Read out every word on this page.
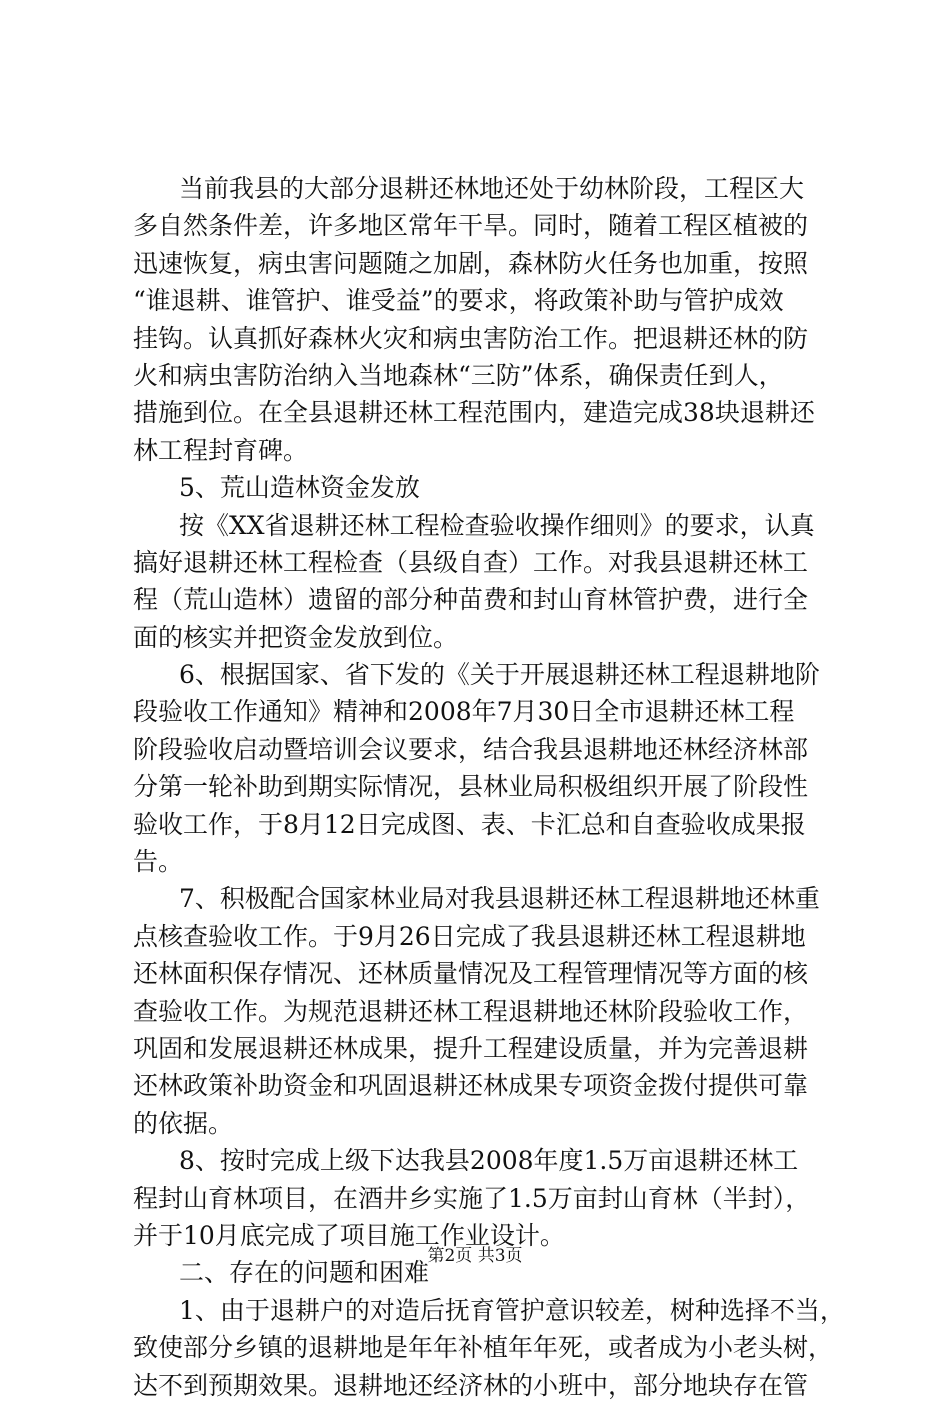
当前我县的大部分退耕还林地还处于幼林阶段，工程区大
多自然条件差，许多地区常年干旱。同时，随着工程区植被的
迅速恢复，病虫害问题随之加剧，森林防火任务也加重，按照
“谁退耕、谁管护、谁受益”的要求，将政策补助与管护成效
挂钩。认真抓好森林火灾和病虫害防治工作。把退耕还林的防
火和病虫害防治纳入当地森林“三防”体系，确保责任到人，
措施到位。在全县退耕还林工程范围内，建造完成38块退耕还
林工程封育碑。
5、荒山造林资金发放
按《XX省退耕还林工程检查验收操作细则》的要求，认真
搞好退耕还林工程检查（县级自查）工作。对我县退耕还林工
程（荒山造林）遗留的部分种苗费和封山育林管护费，进行全
面的核实并把资金发放到位。
6、根据国家、省下发的《关于开展退耕还林工程退耕地阶
段验收工作通知》精神和2008年7月30日全市退耕还林工程
阶段验收启动暨培训会议要求，结合我县退耕地还林经济林部
分第一轮补助到期实际情况，县林业局积极组织开展了阶段性
验收工作，于8月12日完成图、表、卡汇总和自查验收成果报
告。
7、积极配合国家林业局对我县退耕还林工程退耕地还林重
点核查验收工作。于9月26日完成了我县退耕还林工程退耕地
还林面积保存情况、还林质量情况及工程管理情况等方面的核
查验收工作。为规范退耕还林工程退耕地还林阶段验收工作，
巩固和发展退耕还林成果，提升工程建设质量，并为完善退耕
还林政策补助资金和巩固退耕还林成果专项资金拨付提供可靠
的依据。
8、按时完成上级下达我县2008年度1.5万亩退耕还林工
程封山育林项目，在酒井乡实施了1.5万亩封山育林（半封），
并于10月底完成了项目施工作业设计。
二、存在的问题和困难
1、由于退耕户的对造后抚育管护意识较差，树种选择不当，
致使部分乡镇的退耕地是年年补植年年死，或者成为小老头树，
达不到预期效果。退耕地还经济林的小班中，部分地块存在管
第2页 共3页
